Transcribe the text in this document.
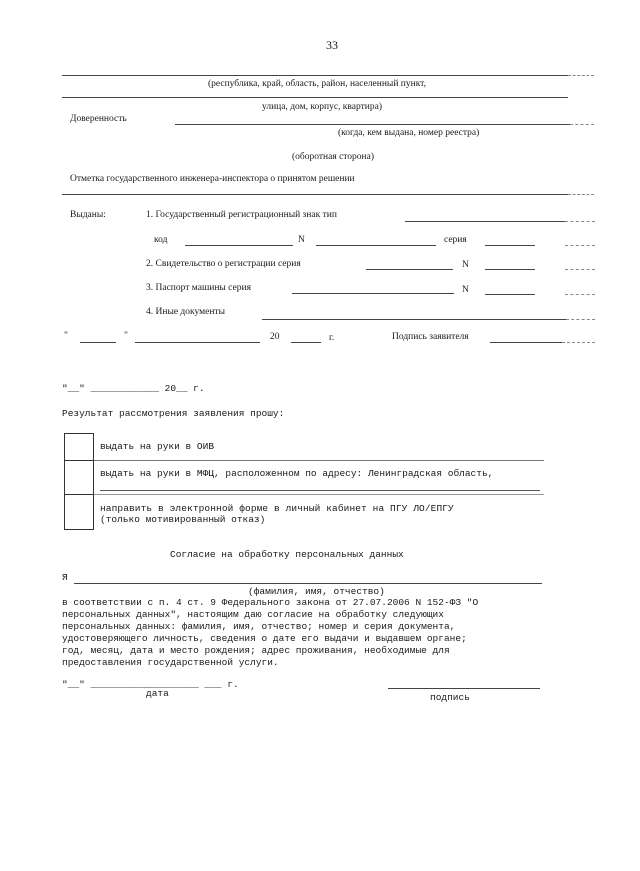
33
(республика, край, область, район, населенный пункт,
улица, дом, корпус, квартира)
Доверенность
(когда, кем выдана, номер реестра)
(оборотная сторона)
Отметка государственного инженера-инспектора о принятом решении
Выданы:	1. Государственный регистрационный знак тип
код	N	серия
2. Свидетельство о регистрации серия	N
3. Паспорт машины серия	N
4. Иные документы
"	"	20	г.	Подпись заявителя
"__" ____________ 20__ г.
Результат рассмотрения заявления прошу:
выдать на руки в ОИВ
выдать на руки в МФЦ, расположенном по адресу: Ленинградская область,
направить в электронной форме в личный кабинет на ПГУ ЛО/ЕПГУ
(только мотивированный отказ)
Согласие на обработку персональных данных
Я
(фамилия, имя, отчество)
в соответствии с п. 4 ст. 9 Федерального закона от 27.07.2006 N 152-ФЗ "О
персональных данных", настоящим даю согласие на обработку следующих
персональных данных: фамилия, имя, отчество; номер и серия документа,
удостоверяющего личность, сведения о дате его выдачи и выдавшем органе;
год, месяц, дата и место рождения; адрес проживания, необходимые для
предоставления государственной услуги.
"__" ___________________ ___ г.
дата	подпись
